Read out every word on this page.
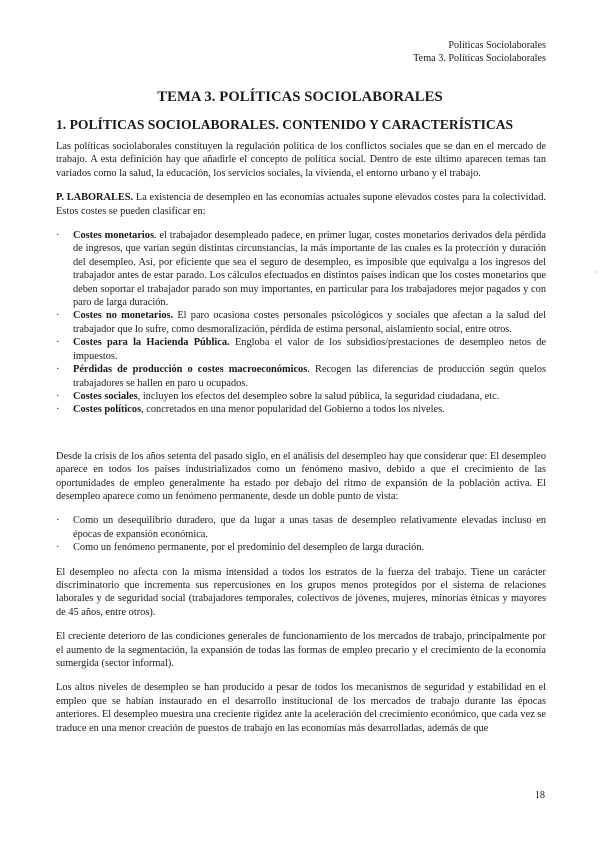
Políticas Sociolaborales
Tema 3. Políticas Sociolaborales
TEMA 3. POLÍTICAS SOCIOLABORALES
1. POLÍTICAS SOCIOLABORALES. CONTENIDO Y CARACTERÍSTICAS

Las políticas sociolaborales constituyen la regulación política de los conflictos sociales que se dan en el mercado de trabajo. A esta definición hay que añadirle el concepto de política social. Dentro de este último aparecen temas tan variados como la salud, la educación, los servicios sociales, la vivienda, el entorno urbano y el trabajo.

P. LABORALES. La existencia de desempleo en las economías actuales supone elevados costes para la colectividad. Estos costes se pueden clasificar en:

· Costes monetarios. el trabajador desempleado padece, en primer lugar, costes monetarios derivados dela pérdida de ingresos, que varían según distintas circunstancias, la más importante de las cuales es la protección y duración del desempleo. Así, por eficiente que sea el seguro de desempleo, es imposible que equivalga a los ingresos del trabajador antes de estar parado. Los cálculos efectuados en distintos países indican que los costes monetarios que deben soportar el trabajador parado son muy importantes, en particular para los trabajadores mejor pagados y con paro de larga duración.
· Costes no monetarios. El paro ocasiona costes personales psicológicos y sociales que afectan a la salud del trabajador que lo sufre, como desmoralización, pérdida de estima personal, aislamiento social, entre otros.
· Costes para la Hacienda Pública. Engloba el valor de los subsidios/prestaciones de desempleo netos de impuestos.
· Pérdidas de producción o costes macroeconómicos. Recogen las diferencias de producción según quelos trabajadores se hallen en paro u ocupados.
· Costes sociales, incluyen los efectos del desempleo sobre la salud pública, la seguridad ciudadana, etc.
· Costes políticos, concretados en una menor popularidad del Gobierno a todos los niveles.

Desde la crisis de los años setenta del pasado siglo, en el análisis del desempleo hay que considerar que: El desempleo aparece en todos los países industrializados como un fenómeno masivo, debido a que el crecimiento de las oportunidades de empleo generalmente ha estado por debajo del ritmo de expansión de la población activa. El desempleo aparece como un fenómeno permanente, desde un doble punto de vista:

· Como un desequilibrio duradero, que da lugar a unas tasas de desempleo relativamente elevadas incluso en épocas de expansión económica.
· Como un fenómeno permanente, por el predominio del desempleo de larga duración.

El desempleo no afecta con la misma intensidad a todos los estratos de la fuerza del trabajo. Tiene un carácter discriminatorio que incrementa sus repercusiones en los grupos menos protegidos por el sistema de relaciones laborales y de seguridad social (trabajadores temporales, colectivos de jóvenes, mujeres, minorías étnicas y mayores de 45 años, entre otros).

El creciente deterioro de las condiciones generales de funcionamiento de los mercados de trabajo, principalmente por el aumento de la segmentación, la expansión de todas las formas de empleo precario y el crecimiento de la economía sumergida (sector informal).

Los altos niveles de desempleo se han producido a pesar de todos los mecanismos de seguridad y estabilidad en el empleo que se habían instaurado en el desarrollo institucional de los mercados de trabajo durante las épocas anteriores. El desempleo muestra una creciente rigidez ante la aceleración del crecimiento económico, que cada vez se traduce en una menor creación de puestos de trabajo en las economías más desarrolladas, además de que

·
18
